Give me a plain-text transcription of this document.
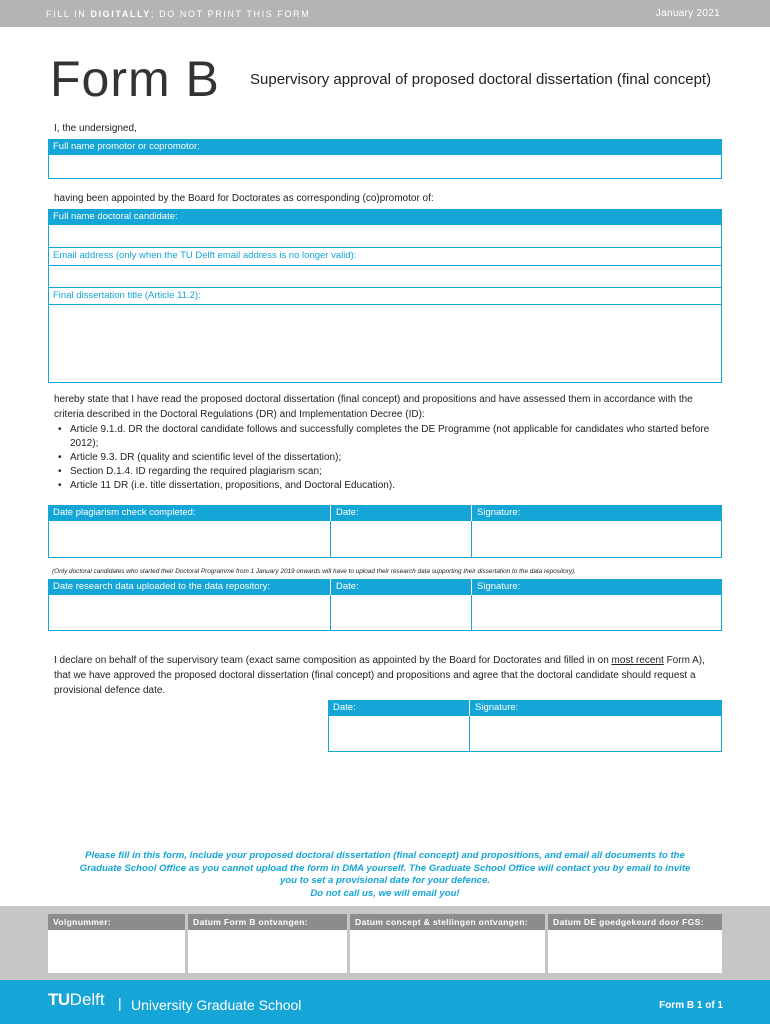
FILL IN DIGITALLY; DO NOT PRINT THIS FORM	January 2021
Form B Supervisory approval of proposed doctoral dissertation (final concept)
I, the undersigned,
Full name promotor or copromotor:
having been appointed by the Board for Doctorates as corresponding (co)promotor of:
Full name doctoral candidate:
Email address (only when the TU Delft email address is no longer valid):
Final dissertation title (Article 11.2):
hereby state that I have read the proposed doctoral dissertation (final concept) and propositions and have assessed them in accordance with the
criteria described in the Doctoral Regulations (DR) and Implementation Decree (ID):
• Article 9.1.d. DR the doctoral candidate follows and successfully completes the DE Programme (not applicable for candidates who started before 2012);
• Article 9.3. DR (quality and scientific level of the dissertation);
• Section D.1.4. ID regarding the required plagiarism scan;
• Article 11 DR (i.e. title dissertation, propositions, and Doctoral Education).
Date plagiarism check completed:	Date:	Signature:
(Only doctoral candidates who started their Doctoral Programme from 1 January 2019 onwards will have to upload their research data supporting their dissertation to the data repository).
Date research data uploaded to the data repository:	Date:	Signature:
I declare on behalf of the supervisory team (exact same composition as appointed by the Board for Doctorates and filled in on most recent Form A),
that we have approved the proposed doctoral dissertation (final concept) and propositions and agree that the doctoral candidate should request a
provisional defence date.
Date:	Signature:
Please fill in this form, include your proposed doctoral dissertation (final concept) and propositions, and email all documents to the
Graduate School Office as you cannot upload the form in DMA yourself. The Graduate School Office will contact you by email to invite
you to set a provisional date for your defence.
Do not call us, we will email you!
Volgnummer:	Datum Form B ontvangen:	Datum concept & stellingen ontvangen:	Datum DE goedgekeurd door FGS:
TUDelft | University Graduate School	Form B 1 of 1
